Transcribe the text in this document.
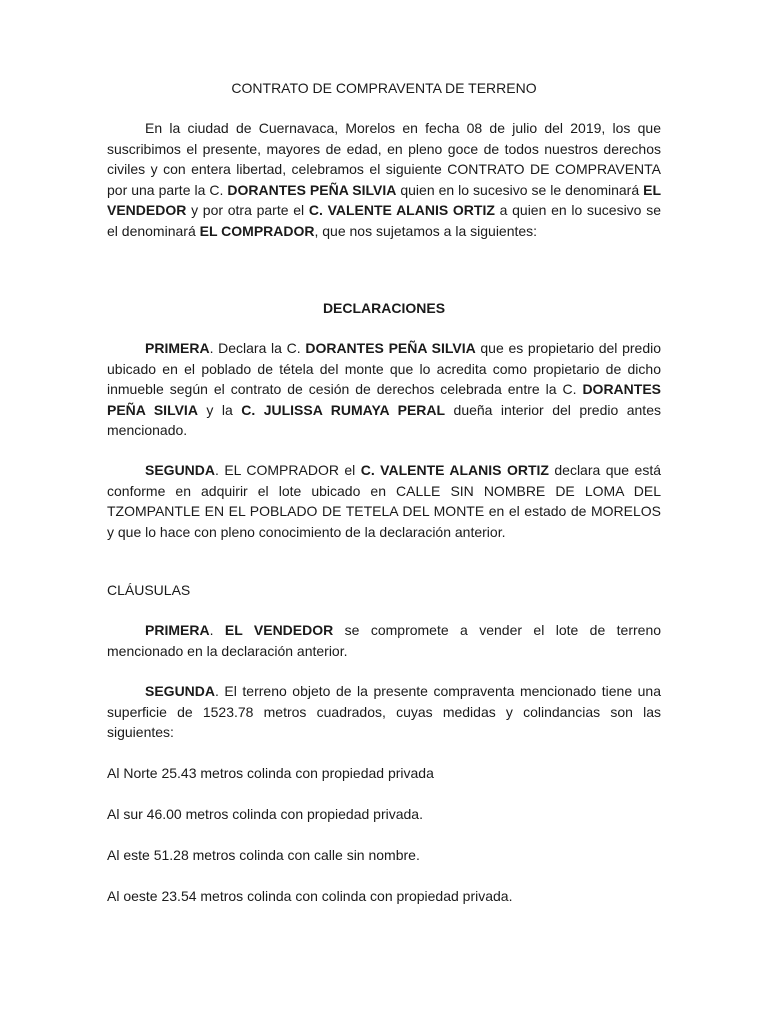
CONTRATO DE COMPRAVENTA DE TERRENO

En la ciudad de Cuernavaca, Morelos en fecha 08 de julio del 2019, los que suscribimos el presente, mayores de edad, en pleno goce de todos nuestros derechos civiles y con entera libertad, celebramos el siguiente CONTRATO DE COMPRAVENTA por una parte la C. DORANTES PEÑA SILVIA quien en lo sucesivo se le denominará EL VENDEDOR y por otra parte el C. VALENTE ALANIS ORTIZ a quien en lo sucesivo se el denominará EL COMPRADOR, que nos sujetamos a la siguientes:

DECLARACIONES

PRIMERA. Declara la C. DORANTES PEÑA SILVIA que es propietario del predio ubicado en el poblado de tétela del monte que lo acredita como propietario de dicho inmueble según el contrato de cesión de derechos celebrada entre la C. DORANTES PEÑA SILVIA y la C. JULISSA RUMAYA PERAL dueña interior del predio antes mencionado.

SEGUNDA. EL COMPRADOR el C. VALENTE ALANIS ORTIZ declara que está conforme en adquirir el lote ubicado en CALLE SIN NOMBRE DE LOMA DEL TZOMPANTLE EN EL POBLADO DE TETELA DEL MONTE en el estado de MORELOS y que lo hace con pleno conocimiento de la declaración anterior.

CLÁUSULAS

PRIMERA. EL VENDEDOR se compromete a vender el lote de terreno mencionado en la declaración anterior.

SEGUNDA. El terreno objeto de la presente compraventa mencionado tiene una superficie de 1523.78 metros cuadrados, cuyas medidas y colindancias son las siguientes:

Al Norte 25.43 metros colinda con propiedad privada

Al sur 46.00 metros colinda con propiedad privada.

Al este 51.28 metros colinda con calle sin nombre.

Al oeste 23.54 metros colinda con colinda con propiedad privada.
